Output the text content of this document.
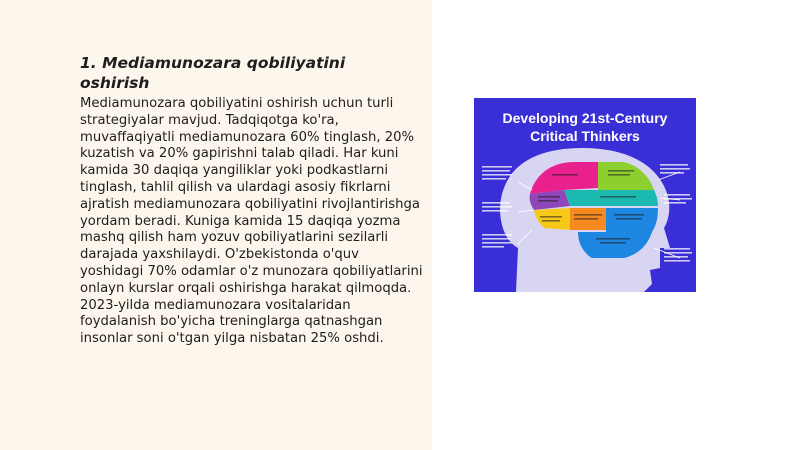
1. Mediamunozara qobiliyatini oshirish

Mediamunozara qobiliyatini oshirish uchun turli strategiyalar mavjud. Tadqiqotga ko'ra, muvaffaqiyatli mediamunozara 60% tinglash, 20% kuzatish va 20% gapirishni talab qiladi. Har kuni kamida 30 daqiqa yangiliklar yoki podkastlarni tinglash, tahlil qilish va ulardagi asosiy fikrlarni ajratish mediamunozara qobiliyatini rivojlantirishga yordam beradi. Kuniga kamida 15 daqiqa yozma mashq qilish ham yozuv qobiliyatlarini sezilarli darajada yaxshilaydi. O'zbekistonda o'quv yoshidagi 70% odamlar o'z munozara qobiliyatlarini onlayn kurslar orqali oshirishga harakat qilmoqda. 2023-yilda mediamunozara vositalaridan foydalanish bo'yicha treninglarga qatnashgan insonlar soni o'tgan yilga nisbatan 25% oshdi.

Developing 21st-Century
Critical Thinkers
